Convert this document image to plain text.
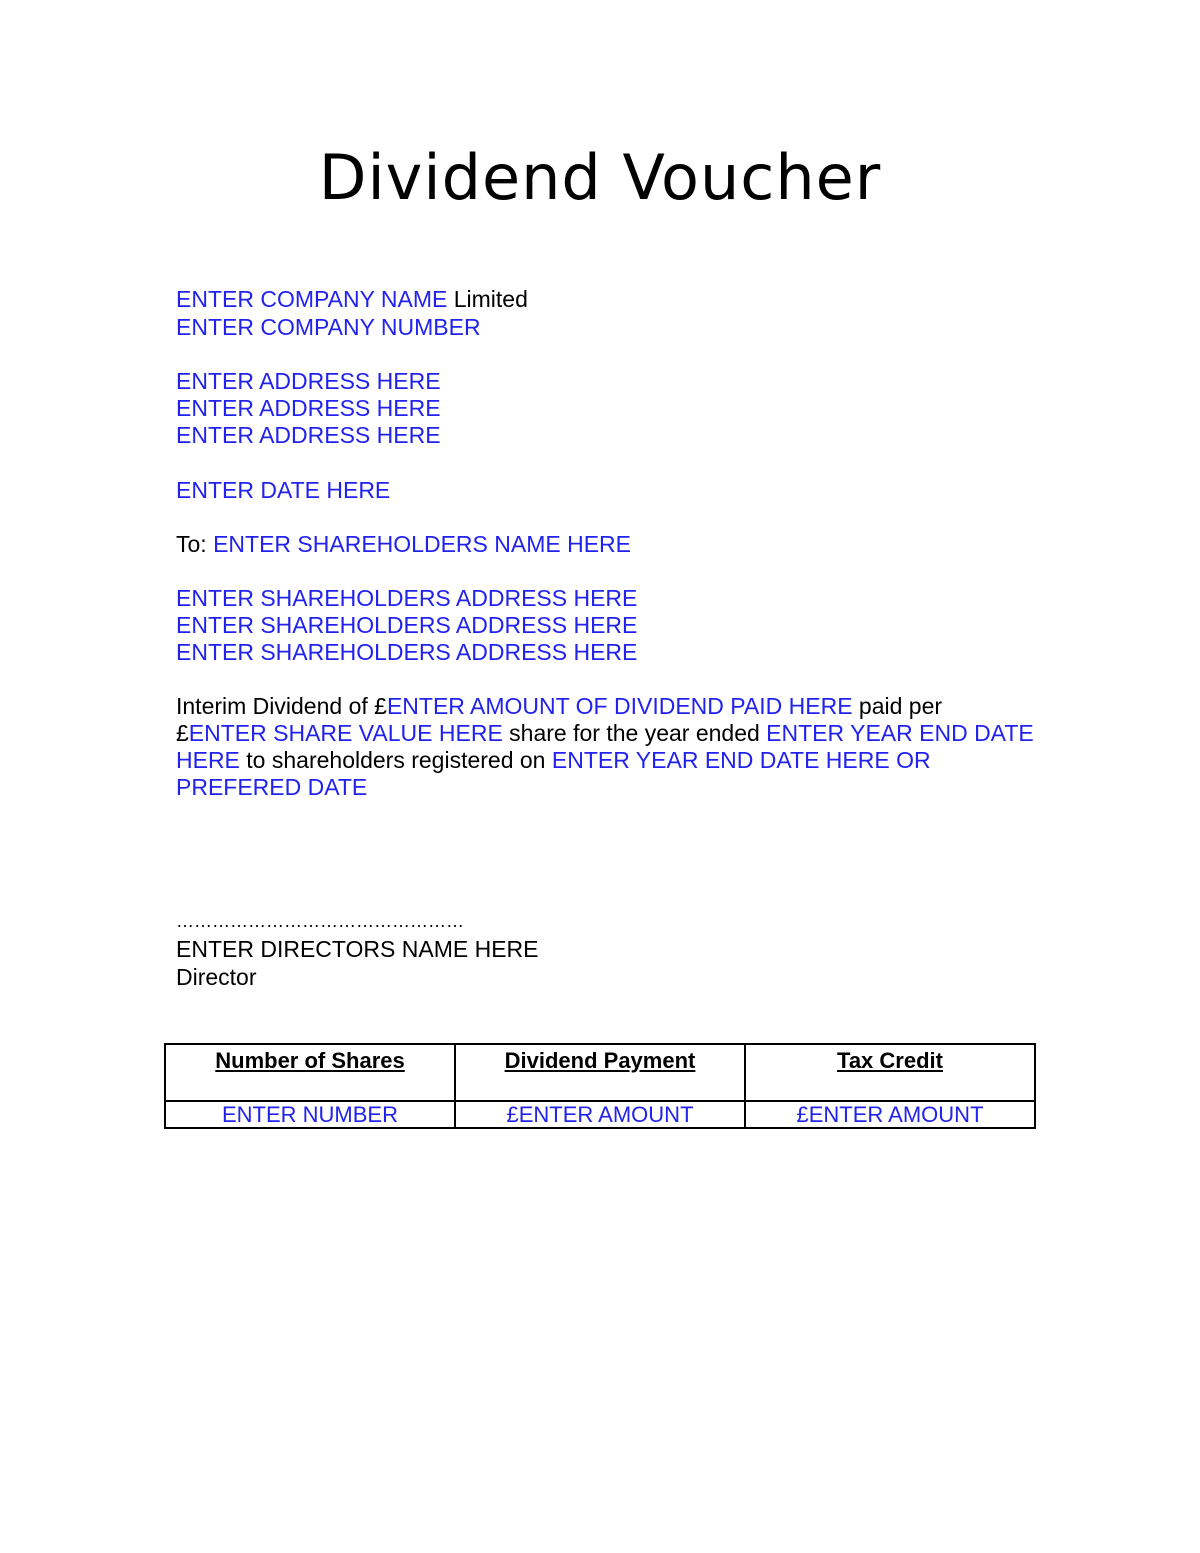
Dividend Voucher
ENTER COMPANY NAME Limited
ENTER COMPANY NUMBER
ENTER ADDRESS HERE
ENTER ADDRESS HERE
ENTER ADDRESS HERE
ENTER DATE HERE
To: ENTER SHAREHOLDERS NAME HERE
ENTER SHAREHOLDERS ADDRESS HERE
ENTER SHAREHOLDERS ADDRESS HERE
ENTER SHAREHOLDERS ADDRESS HERE
Interim Dividend of £ENTER AMOUNT OF DIVIDEND PAID HERE paid per £ENTER SHARE VALUE HERE share for the year ended ENTER YEAR END DATE HERE to shareholders registered on ENTER YEAR END DATE HERE OR PREFERED DATE
…………………………………………
ENTER DIRECTORS NAME HERE
Director
Number of Shares	Dividend Payment	Tax Credit
ENTER NUMBER	£ENTER AMOUNT	£ENTER AMOUNT
